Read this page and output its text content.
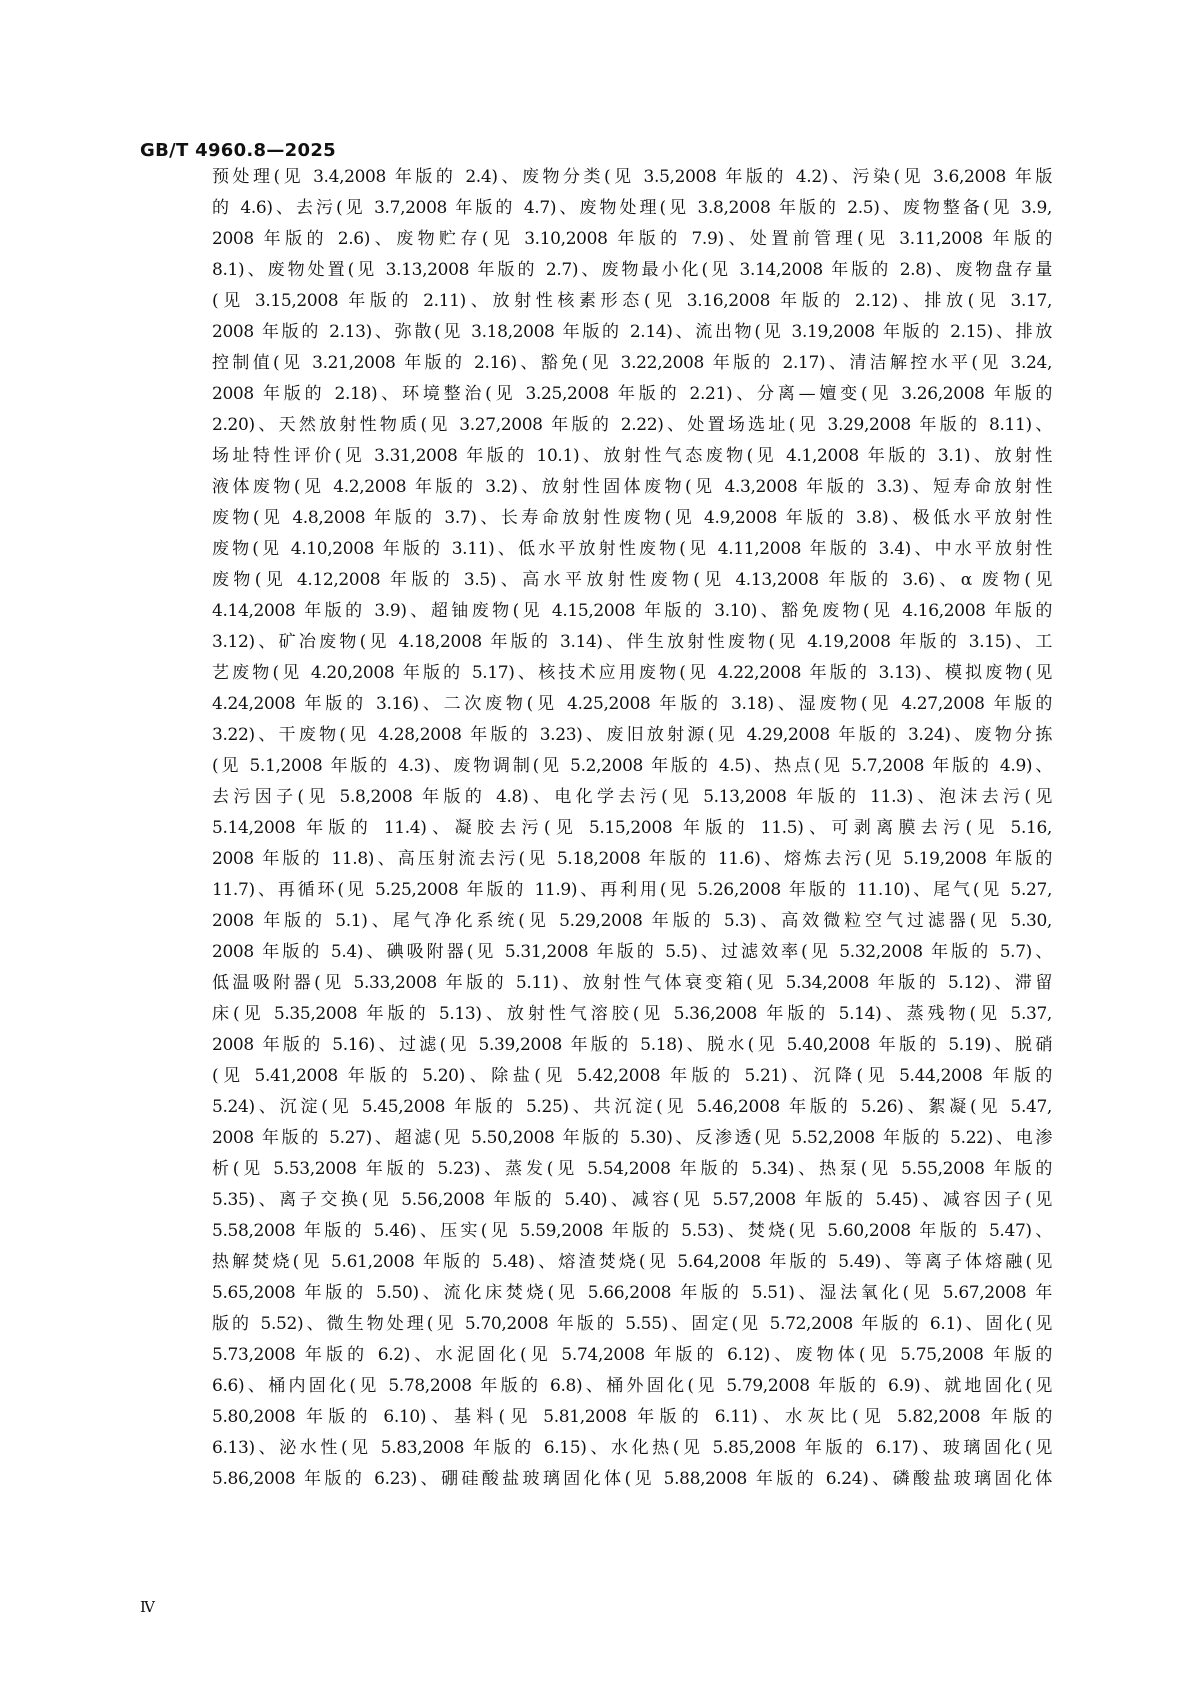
GB/T 4960.8—2025
预处理(见 3.4,2008 年版的 2.4)、废物分类(见 3.5,2008 年版的 4.2)、污染(见 3.6,2008 年版
的 4.6)、去污(见 3.7,2008 年版的 4.7)、废物处理(见 3.8,2008 年版的 2.5)、废物整备(见 3.9,
2008 年版的 2.6)、废物贮存(见 3.10,2008 年版的 7.9)、处置前管理(见 3.11,2008 年版的
8.1)、废物处置(见 3.13,2008 年版的 2.7)、废物最小化(见 3.14,2008 年版的 2.8)、废物盘存量
(见 3.15,2008 年版的 2.11)、放射性核素形态(见 3.16,2008 年版的 2.12)、排放(见 3.17,
2008 年版的 2.13)、弥散(见 3.18,2008 年版的 2.14)、流出物(见 3.19,2008 年版的 2.15)、排放
控制值(见 3.21,2008 年版的 2.16)、豁免(见 3.22,2008 年版的 2.17)、清洁解控水平(见 3.24,
2008 年版的 2.18)、环境整治(见 3.25,2008 年版的 2.21)、分离—嬗变(见 3.26,2008 年版的
2.20)、天然放射性物质(见 3.27,2008 年版的 2.22)、处置场选址(见 3.29,2008 年版的 8.11)、
场址特性评价(见 3.31,2008 年版的 10.1)、放射性气态废物(见 4.1,2008 年版的 3.1)、放射性
液体废物(见 4.2,2008 年版的 3.2)、放射性固体废物(见 4.3,2008 年版的 3.3)、短寿命放射性
废物(见 4.8,2008 年版的 3.7)、长寿命放射性废物(见 4.9,2008 年版的 3.8)、极低水平放射性
废物(见 4.10,2008 年版的 3.11)、低水平放射性废物(见 4.11,2008 年版的 3.4)、中水平放射性
废物(见 4.12,2008 年版的 3.5)、高水平放射性废物(见 4.13,2008 年版的 3.6)、α 废物(见
4.14,2008 年版的 3.9)、超铀废物(见 4.15,2008 年版的 3.10)、豁免废物(见 4.16,2008 年版的
3.12)、矿冶废物(见 4.18,2008 年版的 3.14)、伴生放射性废物(见 4.19,2008 年版的 3.15)、工
艺废物(见 4.20,2008 年版的 5.17)、核技术应用废物(见 4.22,2008 年版的 3.13)、模拟废物(见
4.24,2008 年版的 3.16)、二次废物(见 4.25,2008 年版的 3.18)、湿废物(见 4.27,2008 年版的
3.22)、干废物(见 4.28,2008 年版的 3.23)、废旧放射源(见 4.29,2008 年版的 3.24)、废物分拣
(见 5.1,2008 年版的 4.3)、废物调制(见 5.2,2008 年版的 4.5)、热点(见 5.7,2008 年版的 4.9)、
去污因子(见 5.8,2008 年版的 4.8)、电化学去污(见 5.13,2008 年版的 11.3)、泡沫去污(见
5.14,2008 年版的 11.4)、凝胶去污(见 5.15,2008 年版的 11.5)、可剥离膜去污(见 5.16,
2008 年版的 11.8)、高压射流去污(见 5.18,2008 年版的 11.6)、熔炼去污(见 5.19,2008 年版的
11.7)、再循环(见 5.25,2008 年版的 11.9)、再利用(见 5.26,2008 年版的 11.10)、尾气(见 5.27,
2008 年版的 5.1)、尾气净化系统(见 5.29,2008 年版的 5.3)、高效微粒空气过滤器(见 5.30,
2008 年版的 5.4)、碘吸附器(见 5.31,2008 年版的 5.5)、过滤效率(见 5.32,2008 年版的 5.7)、
低温吸附器(见 5.33,2008 年版的 5.11)、放射性气体衰变箱(见 5.34,2008 年版的 5.12)、滞留
床(见 5.35,2008 年版的 5.13)、放射性气溶胶(见 5.36,2008 年版的 5.14)、蒸残物(见 5.37,
2008 年版的 5.16)、过滤(见 5.39,2008 年版的 5.18)、脱水(见 5.40,2008 年版的 5.19)、脱硝
(见 5.41,2008 年版的 5.20)、除盐(见 5.42,2008 年版的 5.21)、沉降(见 5.44,2008 年版的
5.24)、沉淀(见 5.45,2008 年版的 5.25)、共沉淀(见 5.46,2008 年版的 5.26)、絮凝(见 5.47,
2008 年版的 5.27)、超滤(见 5.50,2008 年版的 5.30)、反渗透(见 5.52,2008 年版的 5.22)、电渗
析(见 5.53,2008 年版的 5.23)、蒸发(见 5.54,2008 年版的 5.34)、热泵(见 5.55,2008 年版的
5.35)、离子交换(见 5.56,2008 年版的 5.40)、减容(见 5.57,2008 年版的 5.45)、减容因子(见
5.58,2008 年版的 5.46)、压实(见 5.59,2008 年版的 5.53)、焚烧(见 5.60,2008 年版的 5.47)、
热解焚烧(见 5.61,2008 年版的 5.48)、熔渣焚烧(见 5.64,2008 年版的 5.49)、等离子体熔融(见
5.65,2008 年版的 5.50)、流化床焚烧(见 5.66,2008 年版的 5.51)、湿法氧化(见 5.67,2008 年
版的 5.52)、微生物处理(见 5.70,2008 年版的 5.55)、固定(见 5.72,2008 年版的 6.1)、固化(见
5.73,2008 年版的 6.2)、水泥固化(见 5.74,2008 年版的 6.12)、废物体(见 5.75,2008 年版的
6.6)、桶内固化(见 5.78,2008 年版的 6.8)、桶外固化(见 5.79,2008 年版的 6.9)、就地固化(见
5.80,2008 年版的 6.10)、基料(见 5.81,2008 年版的 6.11)、水灰比(见 5.82,2008 年版的
6.13)、泌水性(见 5.83,2008 年版的 6.15)、水化热(见 5.85,2008 年版的 6.17)、玻璃固化(见
5.86,2008 年版的 6.23)、硼硅酸盐玻璃固化体(见 5.88,2008 年版的 6.24)、磷酸盐玻璃固化体
Ⅳ
